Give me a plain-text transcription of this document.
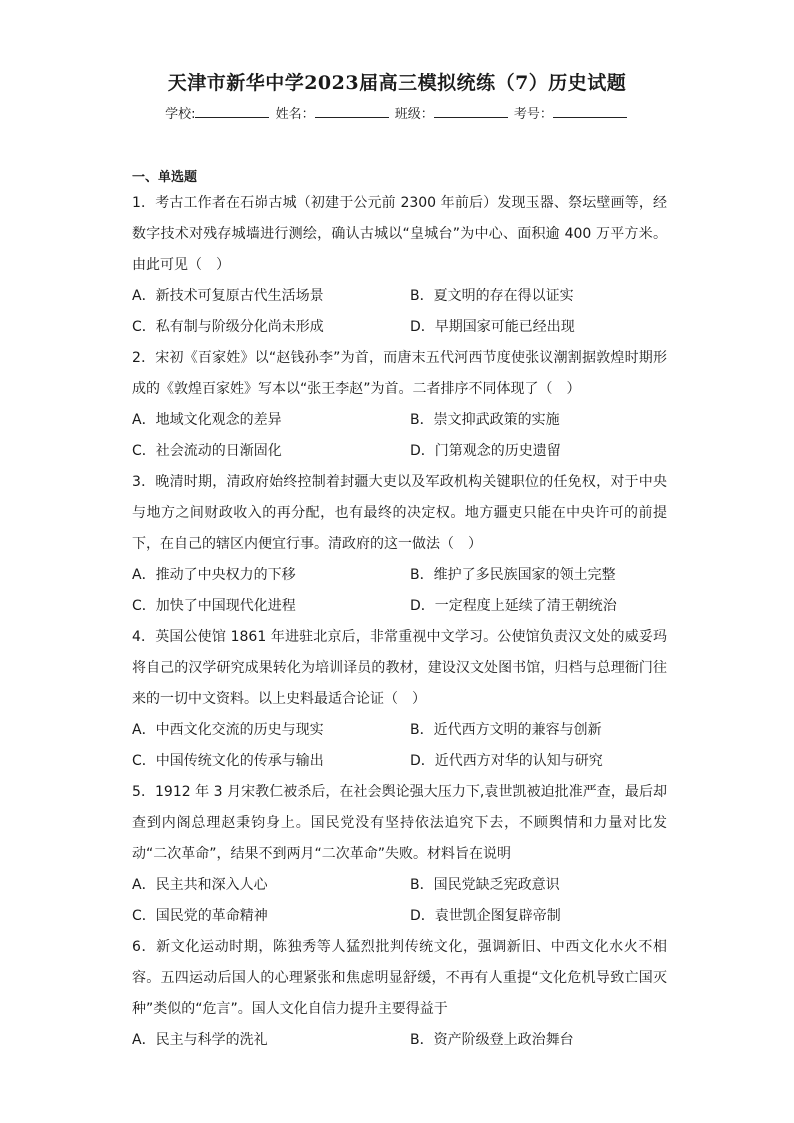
天津市新华中学2023届高三模拟统练（7）历史试题
学校:	姓名：	班级：	考号：
一、单选题
1．考古工作者在石峁古城（初建于公元前 2300 年前后）发现玉器、祭坛壁画等，经数字技术对残存城墙进行测绘，确认古城以“皇城台”为中心、面积逾 400 万平方米。由此可见（　）
A．新技术可复原古代生活场景	B．夏文明的存在得以证实
C．私有制与阶级分化尚未形成	D．早期国家可能已经出现
2．宋初《百家姓》以“赵钱孙李”为首，而唐末五代河西节度使张议潮割据敦煌时期形成的《敦煌百家姓》写本以“张王李赵”为首。二者排序不同体现了（　）
A．地域文化观念的差异	B．崇文抑武政策的实施
C．社会流动的日渐固化	D．门第观念的历史遗留
3．晚清时期，清政府始终控制着封疆大吏以及军政机构关键职位的任免权，对于中央与地方之间财政收入的再分配，也有最终的决定权。地方疆吏只能在中央许可的前提下，在自己的辖区内便宜行事。清政府的这一做法（　）
A．推动了中央权力的下移	B．维护了多民族国家的领土完整
C．加快了中国现代化进程	D．一定程度上延续了清王朝统治
4．英国公使馆 1861 年进驻北京后，非常重视中文学习。公使馆负责汉文处的威妥玛将自己的汉学研究成果转化为培训译员的教材，建设汉文处图书馆，归档与总理衙门往来的一切中文资料。以上史料最适合论证（　）
A．中西文化交流的历史与现实	B．近代西方文明的兼容与创新
C．中国传统文化的传承与输出	D．近代西方对华的认知与研究
5．1912 年 3 月宋教仁被杀后，在社会舆论强大压力下,袁世凯被迫批准严查，最后却查到内阁总理赵秉钧身上。国民党没有坚持依法追究下去，不顾舆情和力量对比发动“二次革命”，结果不到两月“二次革命”失败。材料旨在说明
A．民主共和深入人心	B．国民党缺乏宪政意识
C．国民党的革命精神	D．袁世凯企图复辟帝制
6．新文化运动时期，陈独秀等人猛烈批判传统文化，强调新旧、中西文化水火不相容。五四运动后国人的心理紧张和焦虑明显舒缓，不再有人重提“文化危机导致亡国灭种”类似的“危言”。国人文化自信力提升主要得益于
A．民主与科学的洗礼	B．资产阶级登上政治舞台
